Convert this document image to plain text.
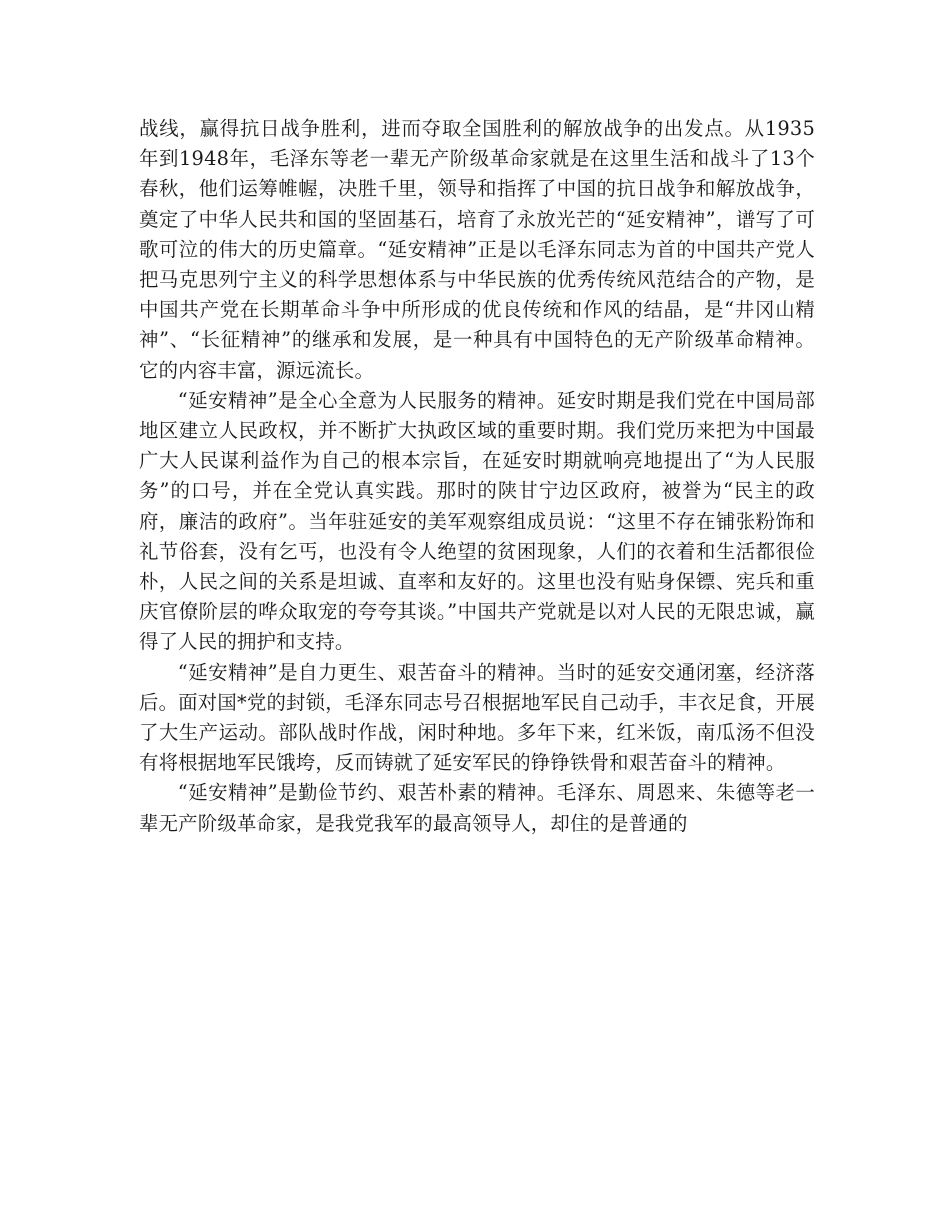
战线，赢得抗日战争胜利，进而夺取全国胜利的解放战争的出发点。从1935年到1948年，毛泽东等老一辈无产阶级革命家就是在这里生活和战斗了13个春秋，他们运筹帷幄，决胜千里，领导和指挥了中国的抗日战争和解放战争，奠定了中华人民共和国的坚固基石，培育了永放光芒的“延安精神”，谱写了可歌可泣的伟大的历史篇章。“延安精神”正是以毛泽东同志为首的中国共产党人把马克思列宁主义的科学思想体系与中华民族的优秀传统风范结合的产物，是中国共产党在长期革命斗争中所形成的优良传统和作风的结晶，是“井冈山精神”、“长征精神”的继承和发展，是一种具有中国特色的无产阶级革命精神。它的内容丰富，源远流长。

“延安精神”是全心全意为人民服务的精神。延安时期是我们党在中国局部地区建立人民政权，并不断扩大执政区域的重要时期。我们党历来把为中国最广大人民谋利益作为自己的根本宗旨，在延安时期就响亮地提出了“为人民服务”的口号，并在全党认真实践。那时的陕甘宁边区政府，被誉为“民主的政府，廉洁的政府”。当年驻延安的美军观察组成员说：“这里不存在铺张粉饰和礼节俗套，没有乞丐，也没有令人绝望的贫困现象，人们的衣着和生活都很俭朴，人民之间的关系是坦诚、直率和友好的。这里也没有贴身保镖、宪兵和重庆官僚阶层的哗众取宠的夸夸其谈。”中国共产党就是以对人民的无限忠诚，赢得了人民的拥护和支持。

“延安精神”是自力更生、艰苦奋斗的精神。当时的延安交通闭塞，经济落后。面对国*党的封锁，毛泽东同志号召根据地军民自己动手，丰衣足食，开展了大生产运动。部队战时作战，闲时种地。多年下来，红米饭，南瓜汤不但没有将根据地军民饿垮，反而铸就了延安军民的铮铮铁骨和艰苦奋斗的精神。

“延安精神”是勤俭节约、艰苦朴素的精神。毛泽东、周恩来、朱德等老一辈无产阶级革命家，是我党我军的最高领导人，却住的是普通的
